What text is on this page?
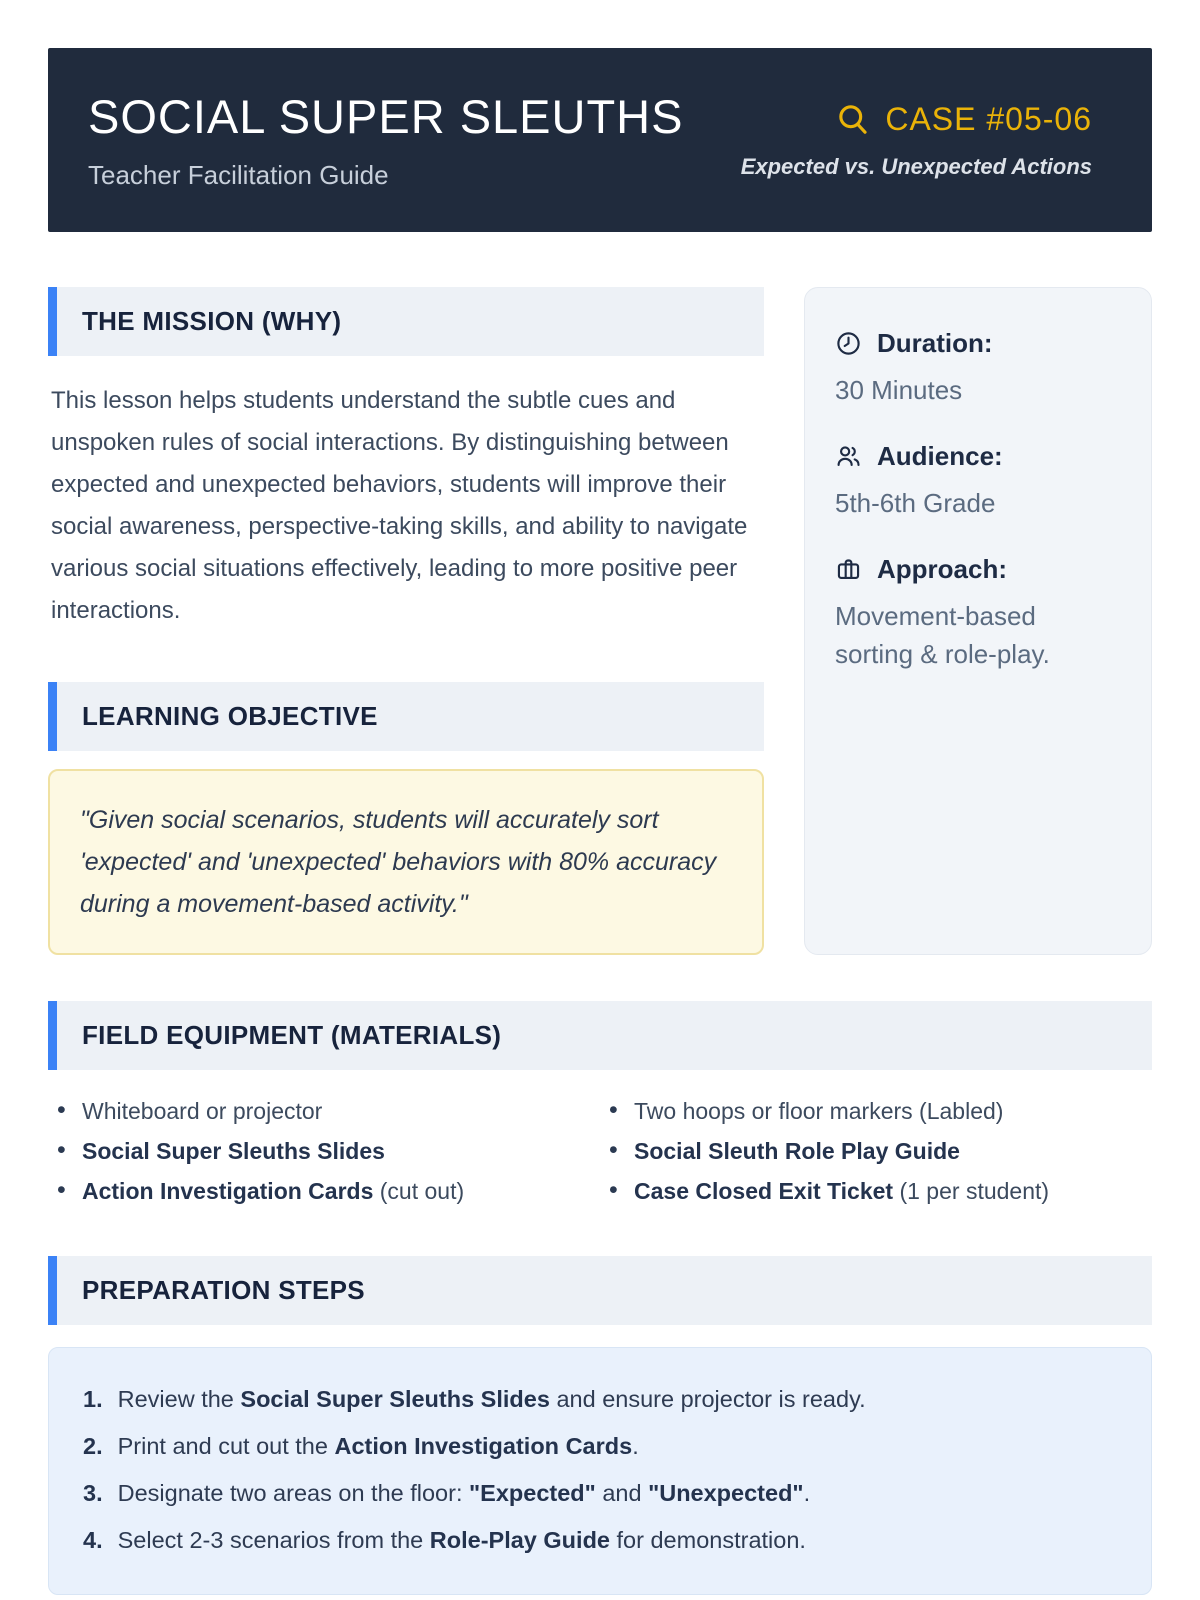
SOCIAL SUPER SLEUTHS
Teacher Facilitation Guide
CASE #05-06
Expected vs. Unexpected Actions
THE MISSION (WHY)

This lesson helps students understand the subtle cues and unspoken rules of social interactions. By distinguishing between expected and unexpected behaviors, students will improve their social awareness, perspective-taking skills, and ability to navigate various social situations effectively, leading to more positive peer interactions.

LEARNING OBJECTIVE

"Given social scenarios, students will accurately sort 'expected' and 'unexpected' behaviors with 80% accuracy during a movement-based activity."

Duration:
30 Minutes
Audience:
5th-6th Grade
Approach:
Movement-based sorting & role-play.
FIELD EQUIPMENT (MATERIALS)
• Whiteboard or projector
• Social Super Sleuths Slides
• Action Investigation Cards (cut out)
• Two hoops or floor markers (Labled)
• Social Sleuth Role Play Guide
• Case Closed Exit Ticket (1 per student)
PREPARATION STEPS
1. Review the Social Super Sleuths Slides and ensure projector is ready.
2. Print and cut out the Action Investigation Cards.
3. Designate two areas on the floor: "Expected" and "Unexpected".
4. Select 2-3 scenarios from the Role-Play Guide for demonstration.
